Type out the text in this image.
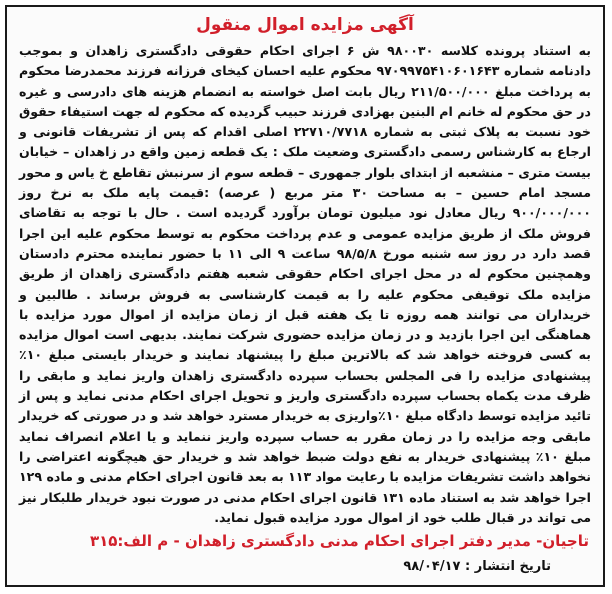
آگهی مزایده اموال منقول
به استناد پرونده کلاسه ۹۸۰۰۳۰ ش ۶ اجرای احکام حقوقی دادگستری زاهدان و بموجب دادنامه شماره ۹۷۰۹۹۷۵۴۱۰۶۰۱۶۴۳ محکوم علیه احسان کیخای فرزانه فرزند محمدرضا محکوم به پرداخت مبلغ ۲۱۱/۵۰۰/۰۰۰ ریال بابت اصل خواسته به انضمام هزینه های دادرسی و غیره در حق محکوم له خانم ام البنین بهزادی فرزند حبیب گردیده که محکوم له جهت استیفاء حقوق خود نسبت به پلاک ثبتی به شماره ۲۲۷۱۰/۷۷۱۸ اصلی اقدام که پس از تشریفات قانونی و ارجاع به کارشناس رسمی دادگستری وضعیت ملک : یک قطعه زمین واقع در زاهدان – خیابان بیست متری – منشعبه از ابتدای بلوار جمهوری – قطعه سوم از سرنبش تقاطع خ یاس و محور مسجد امام حسین – به مساحت ۳۰ متر مربع ( عرصه) :قیمت پایه ملک به نرخ روز ۹۰۰/۰۰۰/۰۰۰ ریال معادل نود میلیون تومان برآورد گردیده است . حال با توجه به تقاضای فروش ملک از طریق مزایده عمومی و عدم پرداخت محکوم به توسط محکوم علیه این اجرا قصد دارد در روز سه شنبه مورخ ۹۸/۵/۸ ساعت ۹ الی ۱۱ با حضور نماینده محترم دادستان وهمچنین محکوم له در محل اجرای احکام حقوقی شعبه هفتم دادگستری زاهدان از طریق مزایده ملک توقیفی محکوم علیه را به قیمت کارشناسی به فروش برساند . طالبین و خریداران می توانند همه روزه تا یک هفته قبل از زمان مزایده از اموال مورد مزایده با هماهنگی این اجرا بازدید و در زمان مزایده حضوری شرکت نمایند. بدیهی است اموال مزایده به کسی فروخته خواهد شد که بالاترین مبلغ را پیشنهاد نمایند و خریدار بایستی مبلغ ۱۰٪ پیشنهادی مزایده را فی المجلس بحساب سپرده دادگستری زاهدان واریز نماید و مابقی را ظرف مدت یکماه بحساب سپرده دادگستری واریز و تحویل اجرای احکام مدنی نماید و پس از تائید مزایده توسط دادگاه مبلغ ۱۰٪واریزی به خریدار مسترد خواهد شد و در صورتی که خریدار مابقی وجه مزایده را در زمان مقرر به حساب سپرده واریز ننماید و یا اعلام انصراف نماید مبلغ ۱۰٪ پیشنهادی خریدار به نفع دولت ضبط خواهد شد و خریدار حق هیچگونه اعتراضی را نخواهد داشت تشریفات مزایده با رعایت مواد ۱۱۳ به بعد قانون اجرای احکام مدنی و ماده ۱۲۹ اجرا خواهد شد به استناد ماده ۱۳۱ قانون اجرای احکام مدنی در صورت نبود خریدار طلبکار نیز می تواند در قبال طلب خود از اموال مورد مزایده قبول نماید.
تاجیان- مدیر دفتر اجرای احکام مدنی دادگستری زاهدان - م الف:۳۱۵
تاریخ انتشار : ۹۸/۰۴/۱۷
